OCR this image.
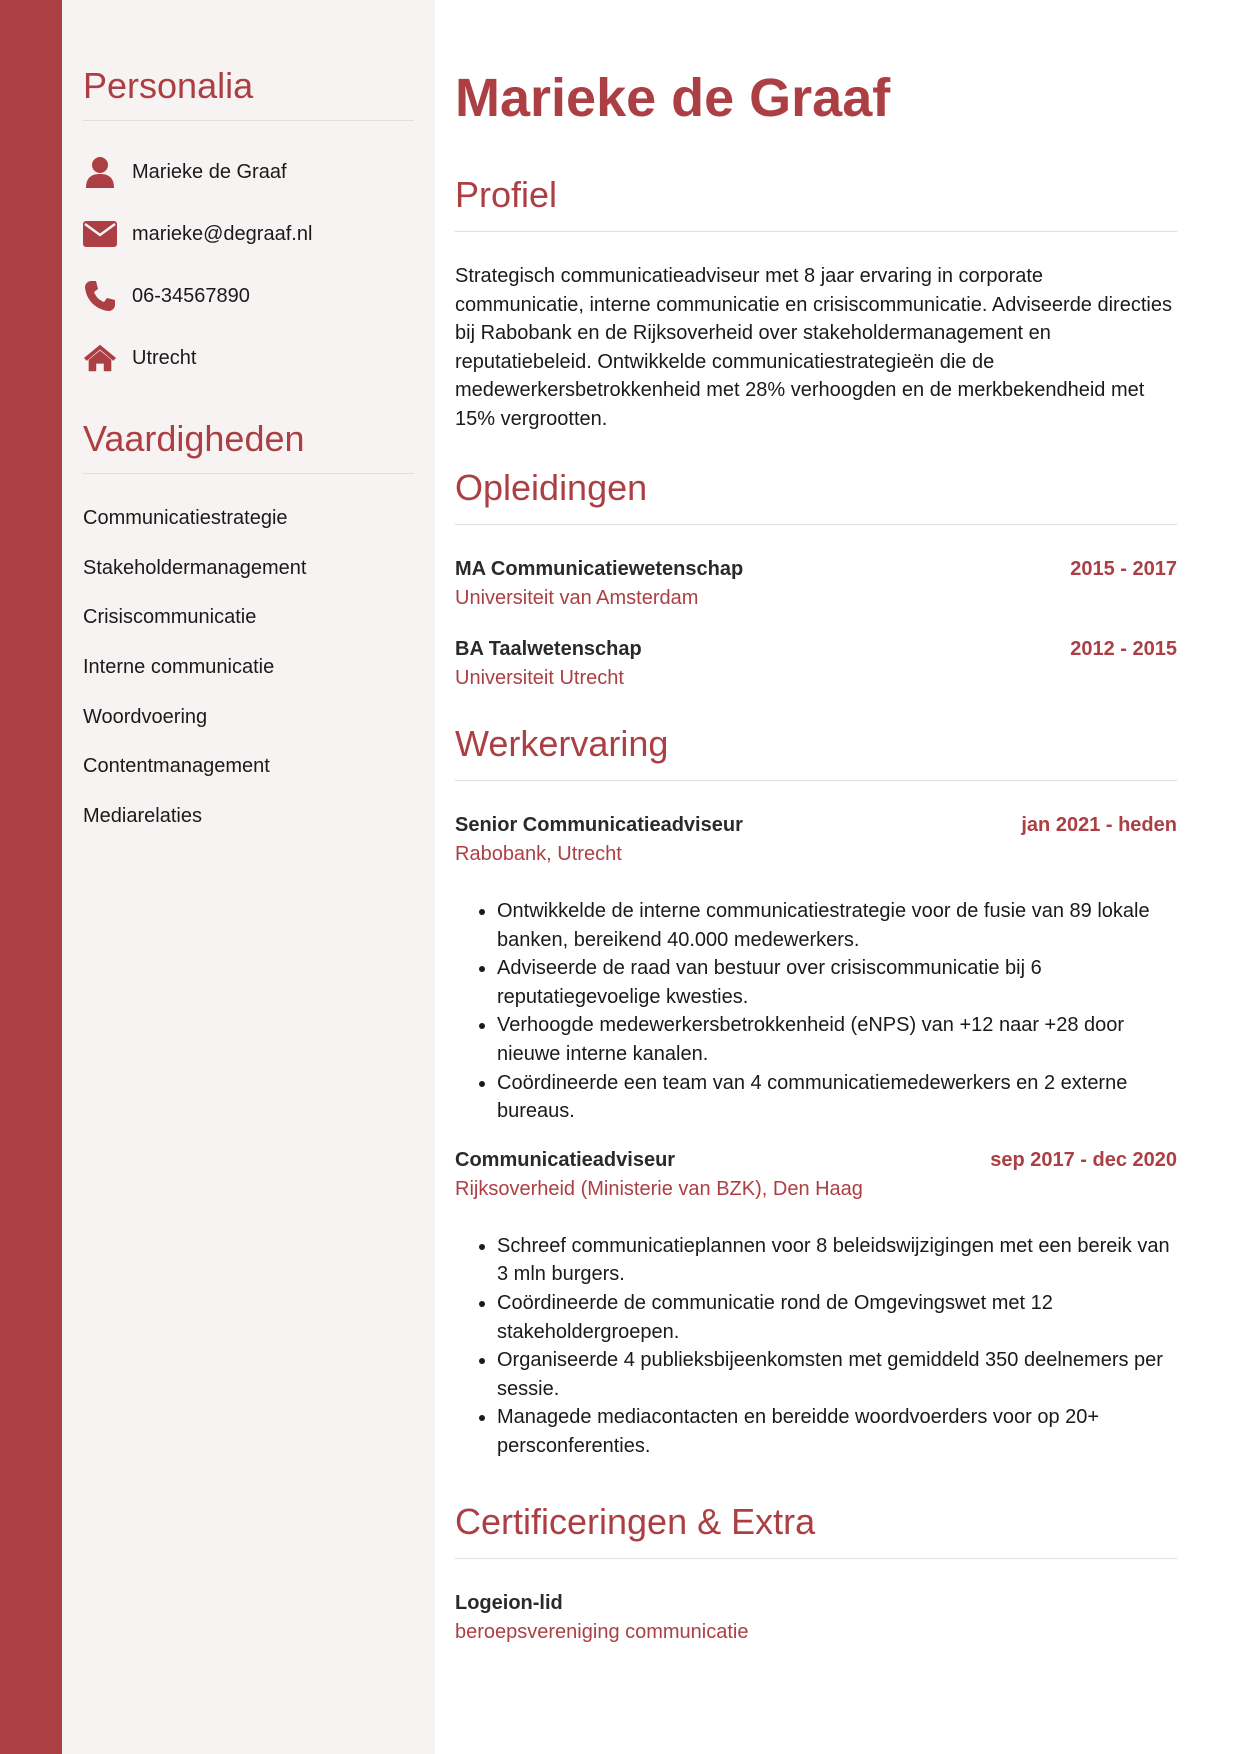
Personalia
Marieke de Graaf
marieke@degraaf.nl
06-34567890
Utrecht
Vaardigheden
Communicatiestrategie
Stakeholdermanagement
Crisiscommunicatie
Interne communicatie
Woordvoering
Contentmanagement
Mediarelaties
Marieke de Graaf
Profiel

Strategisch communicatieadviseur met 8 jaar ervaring in corporate communicatie, interne communicatie en crisiscommunicatie. Adviseerde directies bij Rabobank en de Rijksoverheid over stakeholdermanagement en reputatiebeleid. Ontwikkelde communicatiestrategieën die de medewerkersbetrokkenheid met 28% verhoogden en de merkbekendheid met 15% vergrootten.

Opleidingen
MA Communicatiewetenschap	2015 - 2017
Universiteit van Amsterdam
BA Taalwetenschap	2012 - 2015
Universiteit Utrecht
Werkervaring
Senior Communicatieadviseur	jan 2021 - heden
Rabobank, Utrecht
• Ontwikkelde de interne communicatiestrategie voor de fusie van 89 lokale banken, bereikend 40.000 medewerkers.
• Adviseerde de raad van bestuur over crisiscommunicatie bij 6 reputatiegevoelige kwesties.
• Verhoogde medewerkersbetrokkenheid (eNPS) van +12 naar +28 door nieuwe interne kanalen.
• Coördineerde een team van 4 communicatiemedewerkers en 2 externe bureaus.
Communicatieadviseur	sep 2017 - dec 2020
Rijksoverheid (Ministerie van BZK), Den Haag
• Schreef communicatieplannen voor 8 beleidswijzigingen met een bereik van 3 mln burgers.
• Coördineerde de communicatie rond de Omgevingswet met 12 stakeholdergroepen.
• Organiseerde 4 publieksbijeenkomsten met gemiddeld 350 deelnemers per sessie.
• Managede mediacontacten en bereidde woordvoerders voor op 20+ persconferenties.
Certificeringen & Extra
Logeion-lid
beroepsvereniging communicatie
